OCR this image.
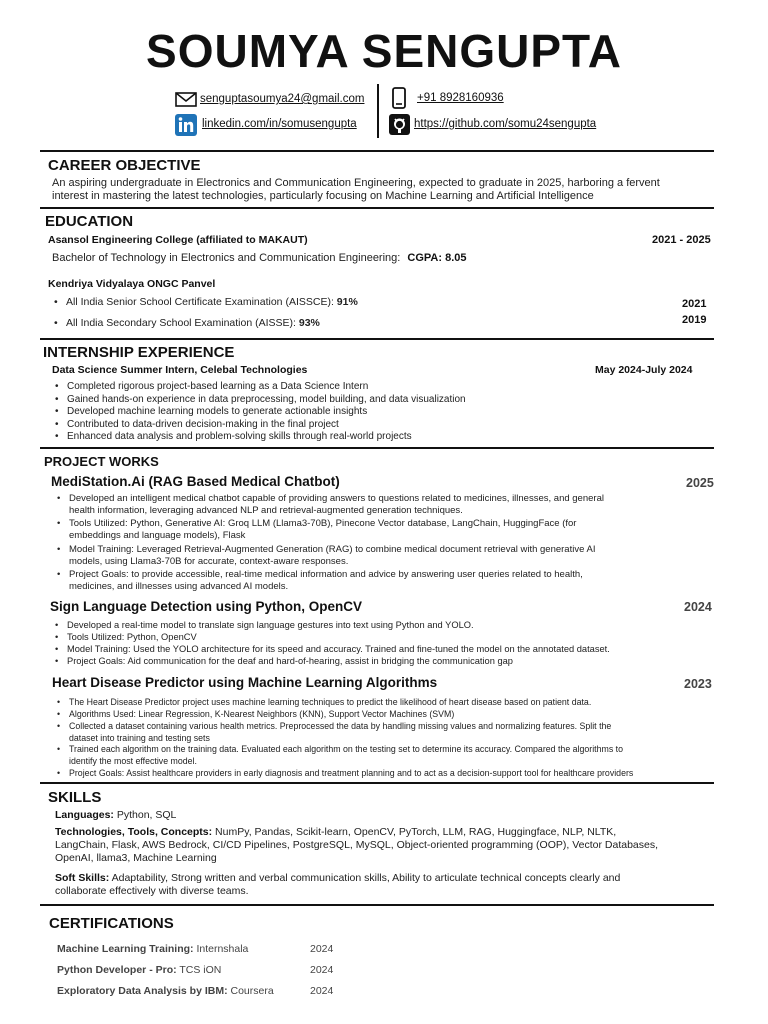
SOUMYA SENGUPTA
senguptasoumya24@gmail.com
linkedin.com/in/somusengupta
+91 8928160936
https://github.com/somu24sengupta
CAREER OBJECTIVE
An aspiring undergraduate in Electronics and Communication Engineering, expected to graduate in 2025, harboring a fervent
interest in mastering the latest technologies, particularly focusing on Machine Learning and Artificial Intelligence
EDUCATION
Asansol Engineering College (affiliated to MAKAUT)	2021 - 2025
Bachelor of Technology in Electronics and Communication Engineering: CGPA: 8.05
Kendriya Vidyalaya ONGC Panvel
• All India Senior School Certificate Examination (AISSCE): 91%	2021
• All India Secondary School Examination (AISSE): 93%	2019
INTERNSHIP EXPERIENCE
Data Science Summer Intern, Celebal Technologies	May 2024-July 2024
• Completed rigorous project-based learning as a Data Science Intern
• Gained hands-on experience in data preprocessing, model building, and data visualization
• Developed machine learning models to generate actionable insights
• Contributed to data-driven decision-making in the final project
• Enhanced data analysis and problem-solving skills through real-world projects
PROJECT WORKS
MediStation.Ai (RAG Based Medical Chatbot)	2025
• Developed an intelligent medical chatbot capable of providing answers to questions related to medicines, illnesses, and general
health information, leveraging advanced NLP and retrieval-augmented generation techniques.
• Tools Utilized: Python, Generative AI: Groq LLM (Llama3-70B), Pinecone Vector database, LangChain, HuggingFace (for
embeddings and language models), Flask
• Model Training: Leveraged Retrieval-Augmented Generation (RAG) to combine medical document retrieval with generative AI
models, using Llama3-70B for accurate, context-aware responses.
• Project Goals: to provide accessible, real-time medical information and advice by answering user queries related to health,
medicines, and illnesses using advanced AI models.
Sign Language Detection using Python, OpenCV	2024
• Developed a real-time model to translate sign language gestures into text using Python and YOLO.
• Tools Utilized: Python, OpenCV
• Model Training: Used the YOLO architecture for its speed and accuracy. Trained and fine-tuned the model on the annotated dataset.
• Project Goals: Aid communication for the deaf and hard-of-hearing, assist in bridging the communication gap
Heart Disease Predictor using Machine Learning Algorithms	2023
• The Heart Disease Predictor project uses machine learning techniques to predict the likelihood of heart disease based on patient data.
• Algorithms Used: Linear Regression, K-Nearest Neighbors (KNN), Support Vector Machines (SVM)
• Collected a dataset containing various health metrics. Preprocessed the data by handling missing values and normalizing features. Split the
dataset into training and testing sets
• Trained each algorithm on the training data. Evaluated each algorithm on the testing set to determine its accuracy. Compared the algorithms to
identify the most effective model.
• Project Goals: Assist healthcare providers in early diagnosis and treatment planning and to act as a decision-support tool for healthcare providers
SKILLS
Languages: Python, SQL
Technologies, Tools, Concepts: NumPy, Pandas, Scikit-learn, OpenCV, PyTorch, LLM, RAG, Huggingface, NLP, NLTK,
LangChain, Flask, AWS Bedrock, CI/CD Pipelines, PostgreSQL, MySQL, Object-oriented programming (OOP), Vector Databases,
OpenAI, llama3, Machine Learning
Soft Skills: Adaptability, Strong written and verbal communication skills, Ability to articulate technical concepts clearly and
collaborate effectively with diverse teams.
CERTIFICATIONS
Machine Learning Training: Internshala	2024
Python Developer - Pro: TCS iON	2024
Exploratory Data Analysis by IBM: Coursera	2024
